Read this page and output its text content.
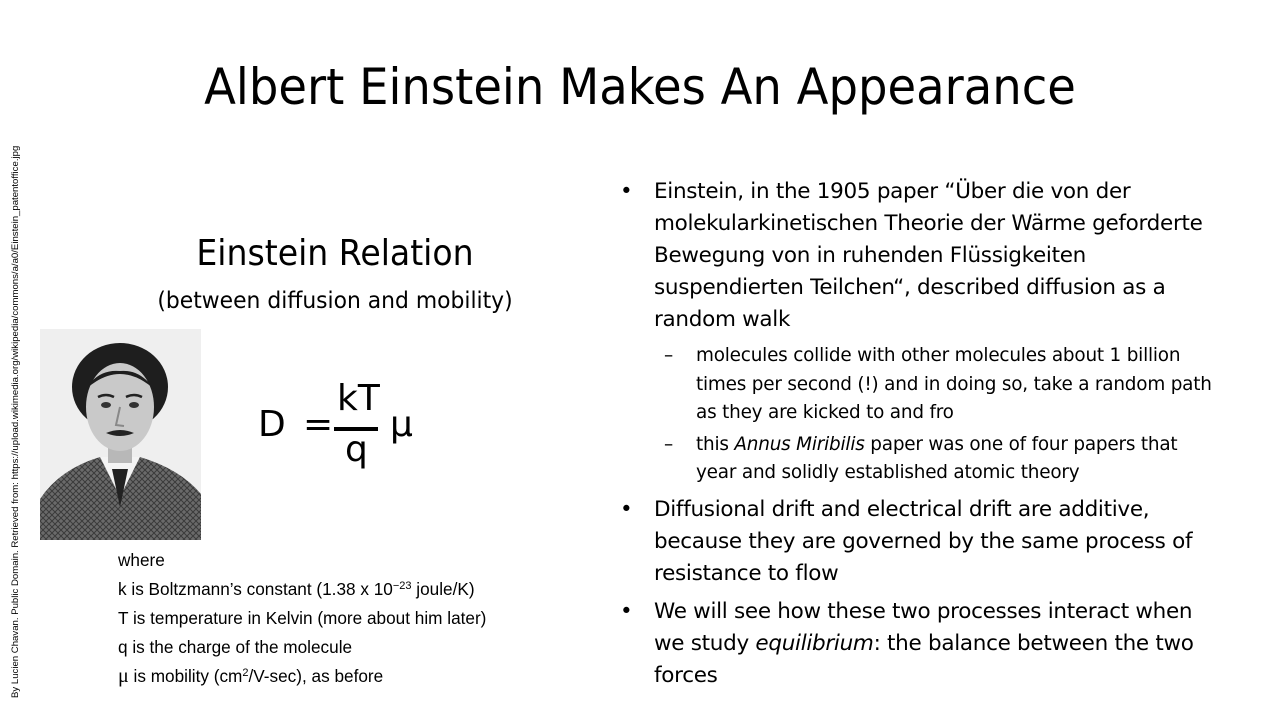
By Lucien Chavan. Public Domain. Retrieved from: https://upload.wikimedia.org/wikipedia/commons/a/a0/Einstein_patentoffice.jpg
Albert Einstein Makes An Appearance
Einstein Relation
(between diffusion and mobility)
D =
kT
q
μ
where
k is Boltzmann’s constant (1.38 x $10^{-23}$ joule/K)
T is temperature in Kelvin (more about him later)
q is the charge of the molecule
μ is mobility $(cm^2/V-\sec)$, as before
• Einstein, in the 1905 paper “Über die von der molekularkinetischen Theorie der Wärme geforderte Bewegung von in ruhenden Flüssigkeiten suspendierten Teilchen“, described diffusion as a random walk
– molecules collide with other molecules about 1 billion times per second (!) and in doing so, take a random path as they are kicked to and fro
– this Annus Miribilis paper was one of four papers that year and solidly established atomic theory
• Diffusional drift and electrical drift are additive, because they are governed by the same process of resistance to flow
• We will see how these two processes interact when we study equilibrium: the balance between the two forces
